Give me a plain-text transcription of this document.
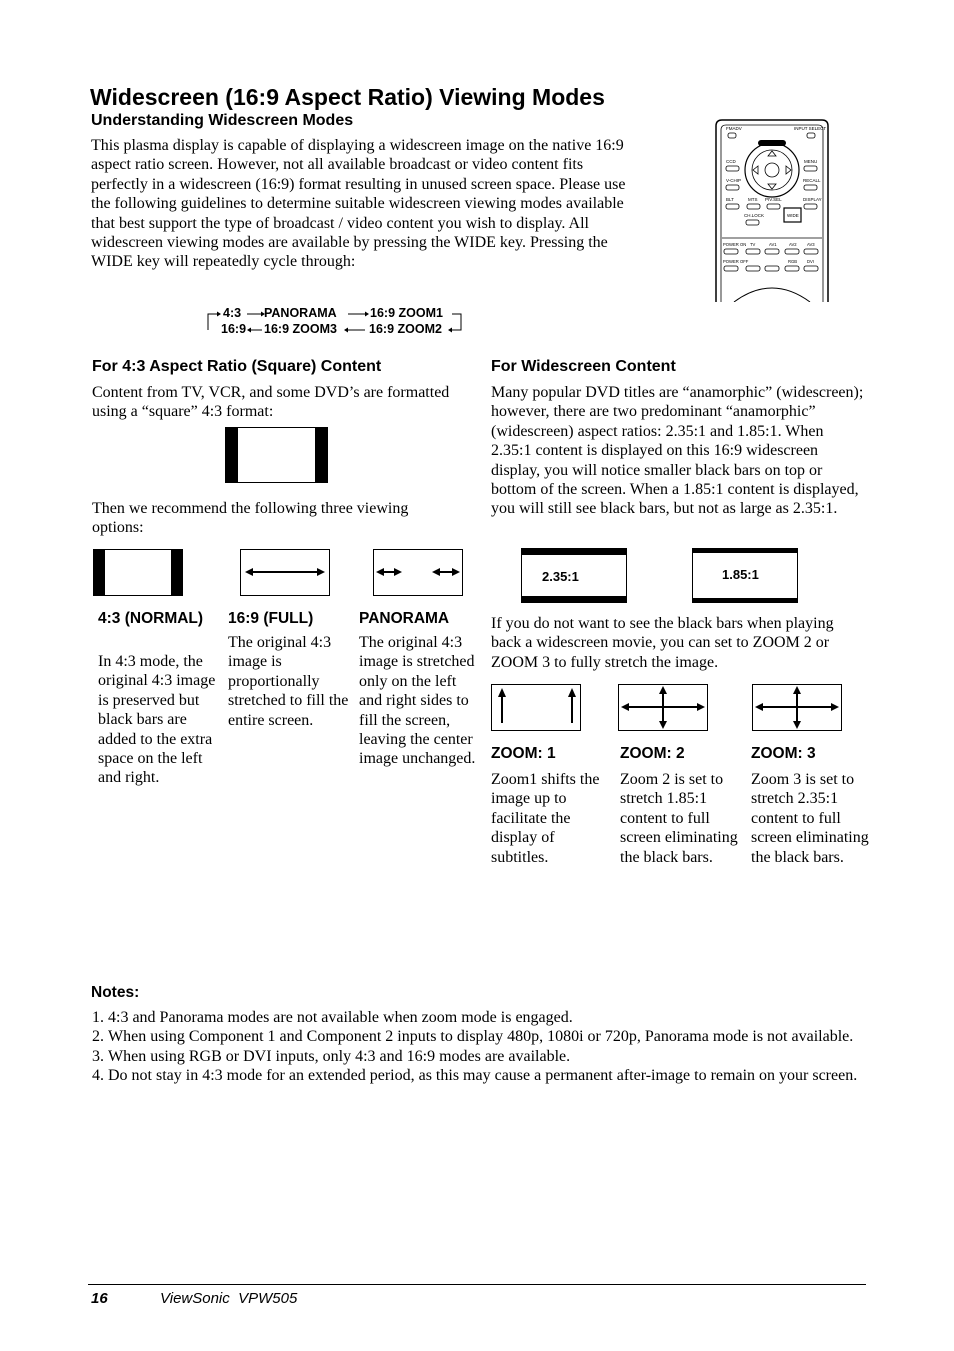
Widescreen (16:9 Aspect Ratio) Viewing Modes
Understanding Widescreen Modes
This plasma display is capable of displaying a widescreen image on the native 16:9 aspect ratio screen. However, not all available broadcast or video content fits perfectly in a widescreen (16:9) format resulting in unused screen space. Please use the following guidelines to determine suitable widescreen viewing modes available that best support the type of broadcast / video content you wish to display. All widescreen viewing modes are available by pressing the WIDE key. Pressing the WIDE key will repeatedly cycle through:
FMADV	INPUT SELECT
CCD
V-CHIP
MENU
RECALL
BLT	MTS PIV.SEL	DISPLAY
WIDE
CH.LOCK
POWER ON TV	AV1	AV2 AV3
POWER OFF	RGB DVI
4:3 PANORAMA	16:9 ZOOM1
16:9 16:9 ZOOM3	16:9 ZOOM2
For 4:3 Aspect Ratio (Square) Content
Content from TV, VCR, and some DVD’s are formatted using a “square” 4:3 format:
Then we recommend the following three viewing options:
4:3 (NORMAL)
In 4:3 mode, the original 4:3 image is preserved but black bars are added to the extra space on the left and right.
16:9 (FULL)
The original 4:3 image is proportionally stretched to fill the entire screen.
PANORAMA
The original 4:3 image is stretched only on the left and right sides to fill the screen, leaving the center image unchanged.
For Widescreen Content
Many popular DVD titles are “anamorphic” (widescreen); however, there are two predominant “anamorphic” (widescreen) aspect ratios: 2.35:1 and 1.85:1. When 2.35:1 content is displayed on this 16:9 widescreen display, you will notice smaller black bars on top or bottom of the screen. When a 1.85:1 content is displayed, you will still see black bars, but not as large as 2.35:1.
2.35:1	1.85:1
If you do not want to see the black bars when playing back a widescreen movie, you can set to ZOOM 2 or ZOOM 3 to fully stretch the image.
ZOOM: 1
Zoom1 shifts the image up to facilitate the display of subtitles.
ZOOM: 2
Zoom 2 is set to stretch 1.85:1 content to full screen eliminating the black bars.
ZOOM: 3
Zoom 3 is set to stretch 2.35:1 content to full screen eliminating the black bars.
Notes:
1. 4:3 and Panorama modes are not available when zoom mode is engaged.
2. When using Component 1 and Component 2 inputs to display 480p, 1080i or 720p, Panorama mode is not available.
3. When using RGB or DVI inputs, only 4:3 and 16:9 modes are available.
4. Do not stay in 4:3 mode for an extended period, as this may cause a permanent after-image to remain on your screen.
16	ViewSonic  VPW505
